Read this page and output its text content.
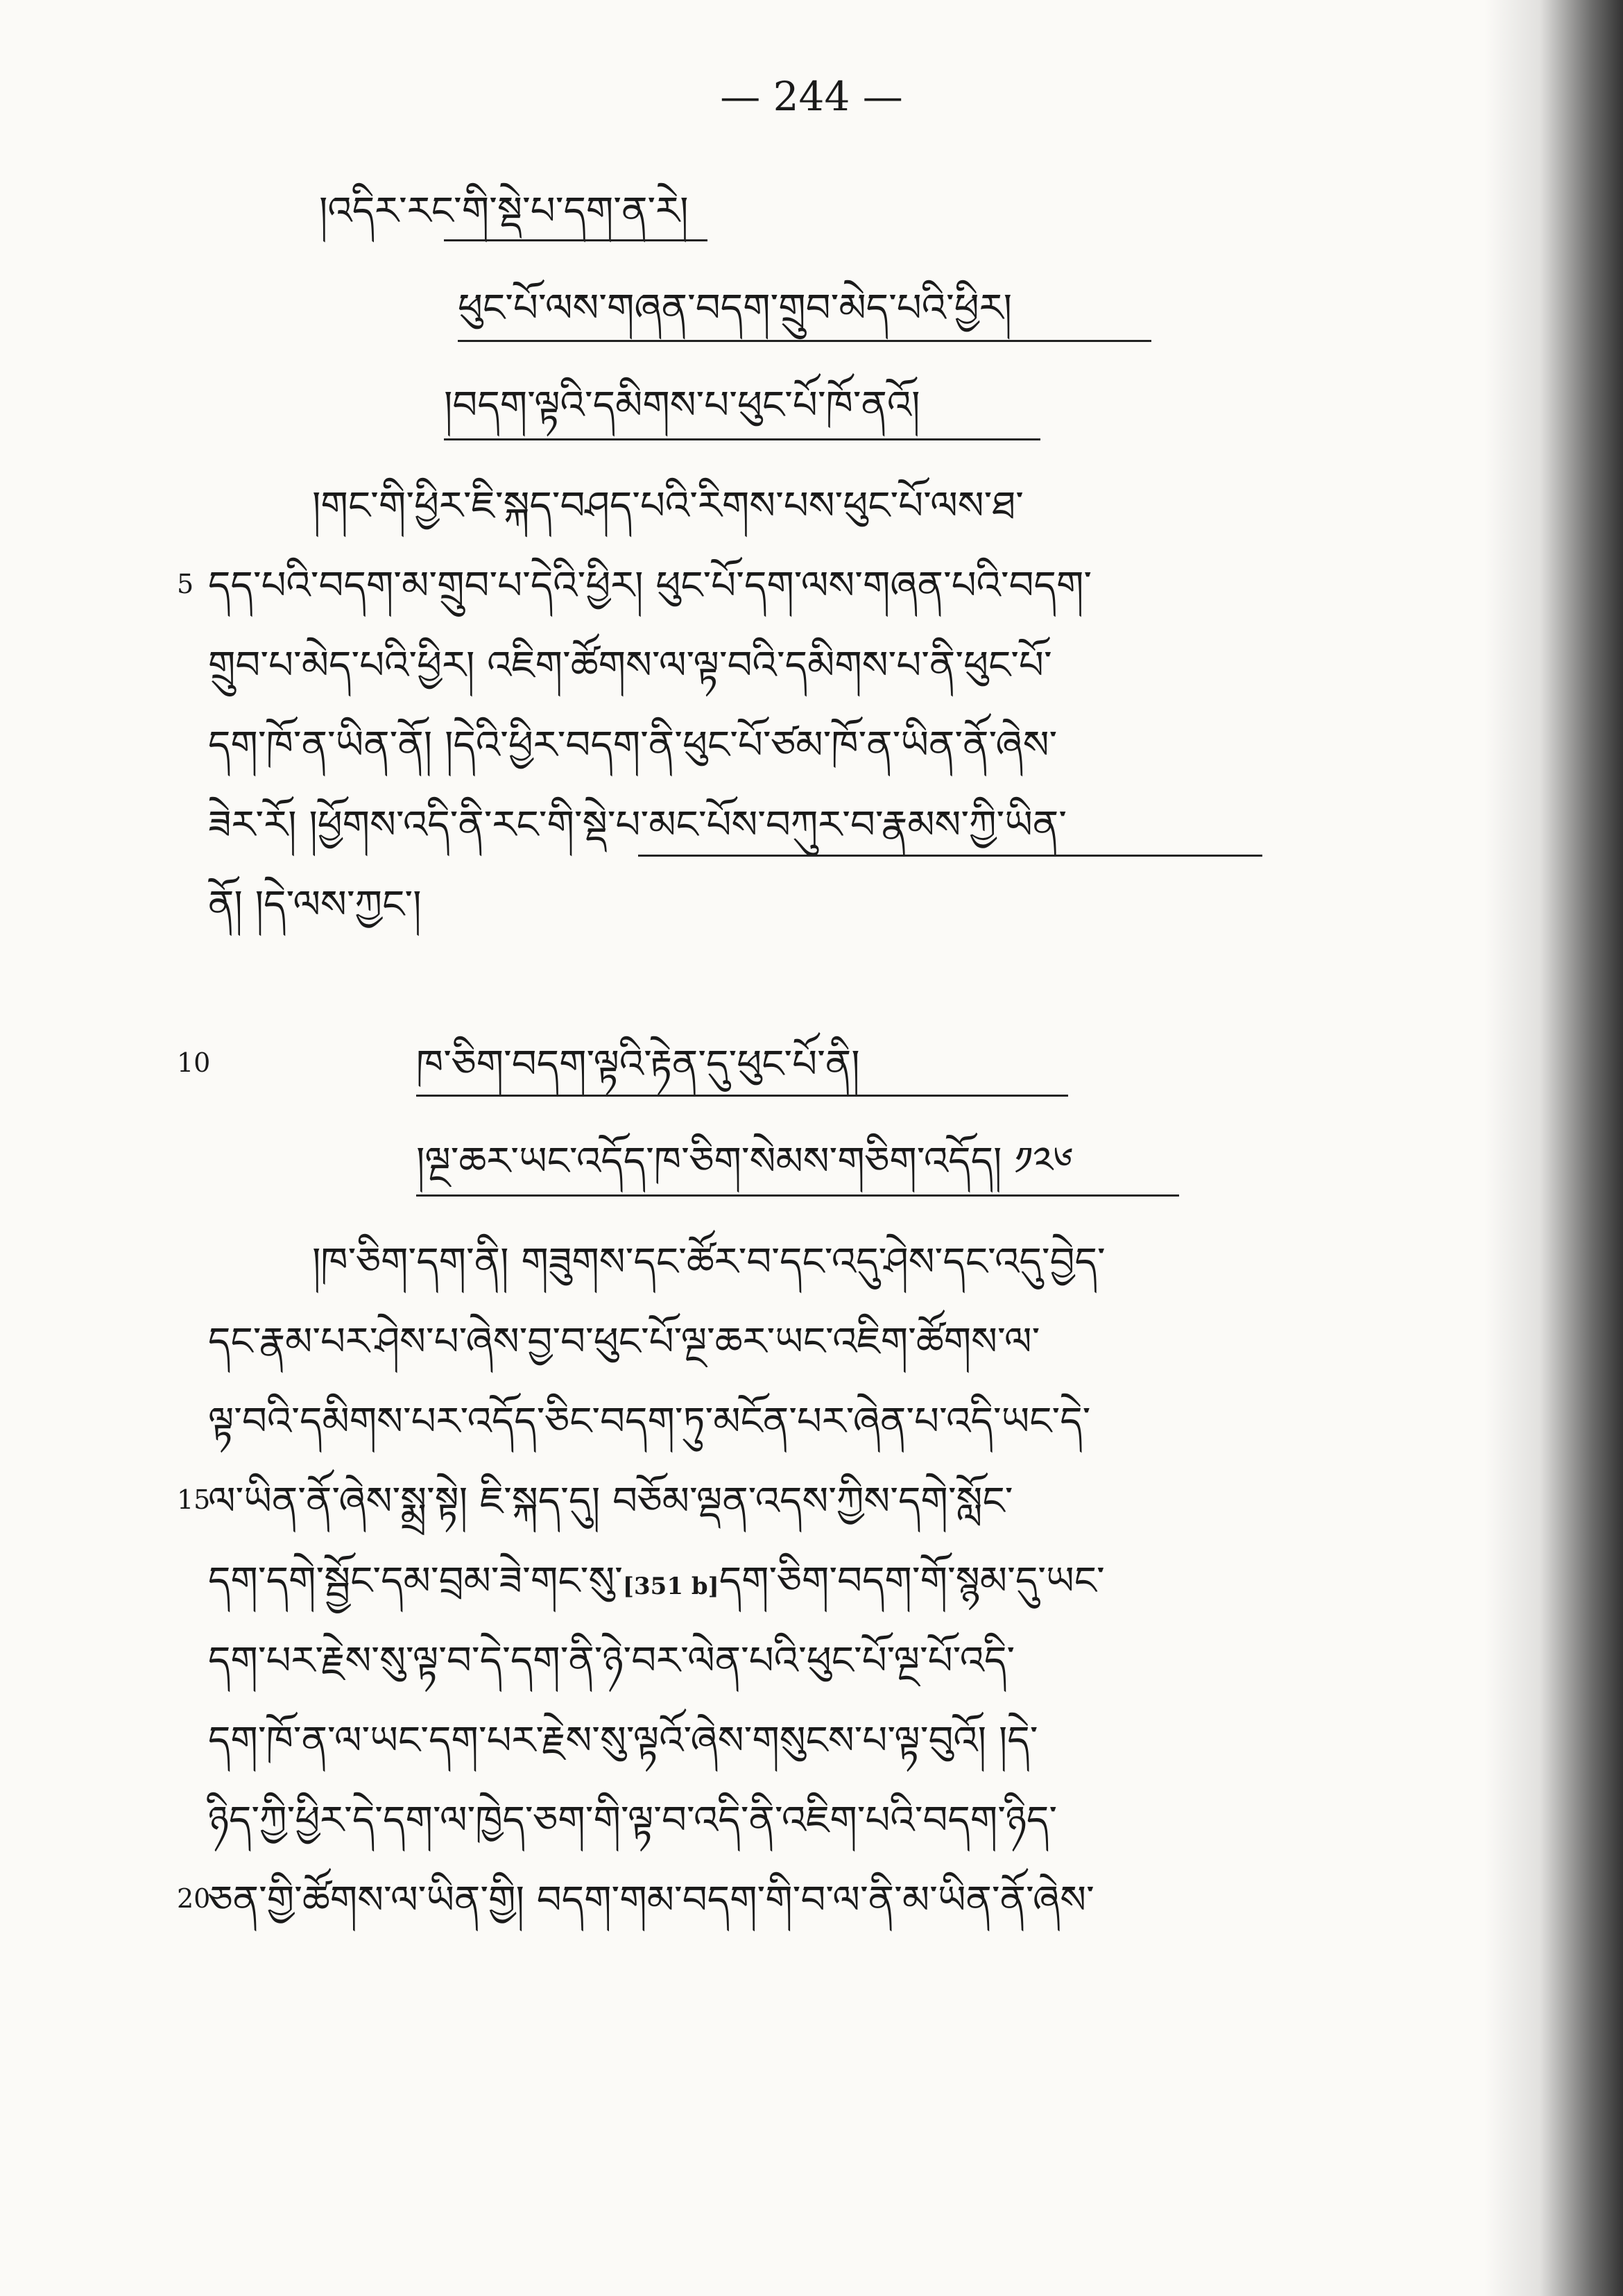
— 244 —
།འདིར་རང་གི་སྡེ་པ་དག་ན་རེ།
ཕུང་པོ་ལས་གཞན་བདག་གྲུབ་མེད་པའི་ཕྱིར།
།བདག་ལྟའི་དམིགས་པ་ཕུང་པོ་ཁོ་ནའོ།
།གང་གི་ཕྱིར་ཇི་སྐད་བཤད་པའི་རིགས་པས་ཕུང་པོ་ལས་ཐ་
5 དད་པའི་བདག་མ་གྲུབ་པ་དེའི་ཕྱིར། ཕུང་པོ་དག་ལས་གཞན་པའི་བདག་
གྲུབ་པ་མེད་པའི་ཕྱིར། འཇིག་ཚོགས་ལ་ལྟ་བའི་དམིགས་པ་ནི་ཕུང་པོ་
དག་ཁོ་ན་ཡིན་ནོ། །དེའི་ཕྱིར་བདག་ནི་ཕུང་པོ་ཙམ་ཁོ་ན་ཡིན་ནོ་ཞེས་
ཟེར་རོ། །ཕྱོགས་འདི་ནི་རང་གི་སྡེ་པ་མང་པོས་བཀུར་བ་རྣམས་ཀྱི་ཡིན་
ནོ། །དེ་ལས་ཀྱང་།
10	ཁ་ཅིག་བདག་ལྟའི་རྟེན་དུ་ཕུང་པོ་ནི།
།ལྔ་ཆར་ཡང་འདོད་ཁ་ཅིག་སེམས་གཅིག་འདོད། ༡༢༦
།ཁ་ཅིག་དག་ནི། གཟུགས་དང་ཚོར་བ་དང་འདུ་ཤེས་དང་འདུ་བྱེད་
དང་རྣམ་པར་ཤེས་པ་ཞེས་བྱ་བ་ཕུང་པོ་ལྔ་ཆར་ཡང་འཇིག་ཚོགས་ལ་
ལྟ་བའི་དམིགས་པར་འདོད་ཅིང་བདག་ཏུ་མངོན་པར་ཞེན་པ་འདི་ཡང་དེ་
15
ལ་ཡིན་ནོ་ཞེས་སྨྲ་སྟེ། ཇི་སྐད་དུ། བཅོམ་ལྡན་འདས་ཀྱིས་དགེ་སློང་
དག་དགེ་སྦྱོང་དམ་བྲམ་ཟེ་གང་སུ་[351 b]དག་ཅིག་བདག་གོ་སྙམ་དུ་ཡང་
དག་པར་རྗེས་སུ་ལྟ་བ་དེ་དག་ནི་ཉེ་བར་ལེན་པའི་ཕུང་པོ་ལྔ་པོ་འདི་
དག་ཁོ་ན་ལ་ཡང་དག་པར་རྗེས་སུ་ལྟའོ་ཞེས་གསུངས་པ་ལྟ་བུའོ། །དེ་
ཉིད་ཀྱི་ཕྱིར་དེ་དག་ལ་ཁྱེད་ཅག་གི་ལྟ་བ་འདི་ནི་འཇིག་པའི་བདག་ཉིད་
20
ཅན་གྱི་ཚོགས་ལ་ཡིན་གྱི། བདག་གམ་བདག་གི་བ་ལ་ནི་མ་ཡིན་ནོ་ཞེས་
